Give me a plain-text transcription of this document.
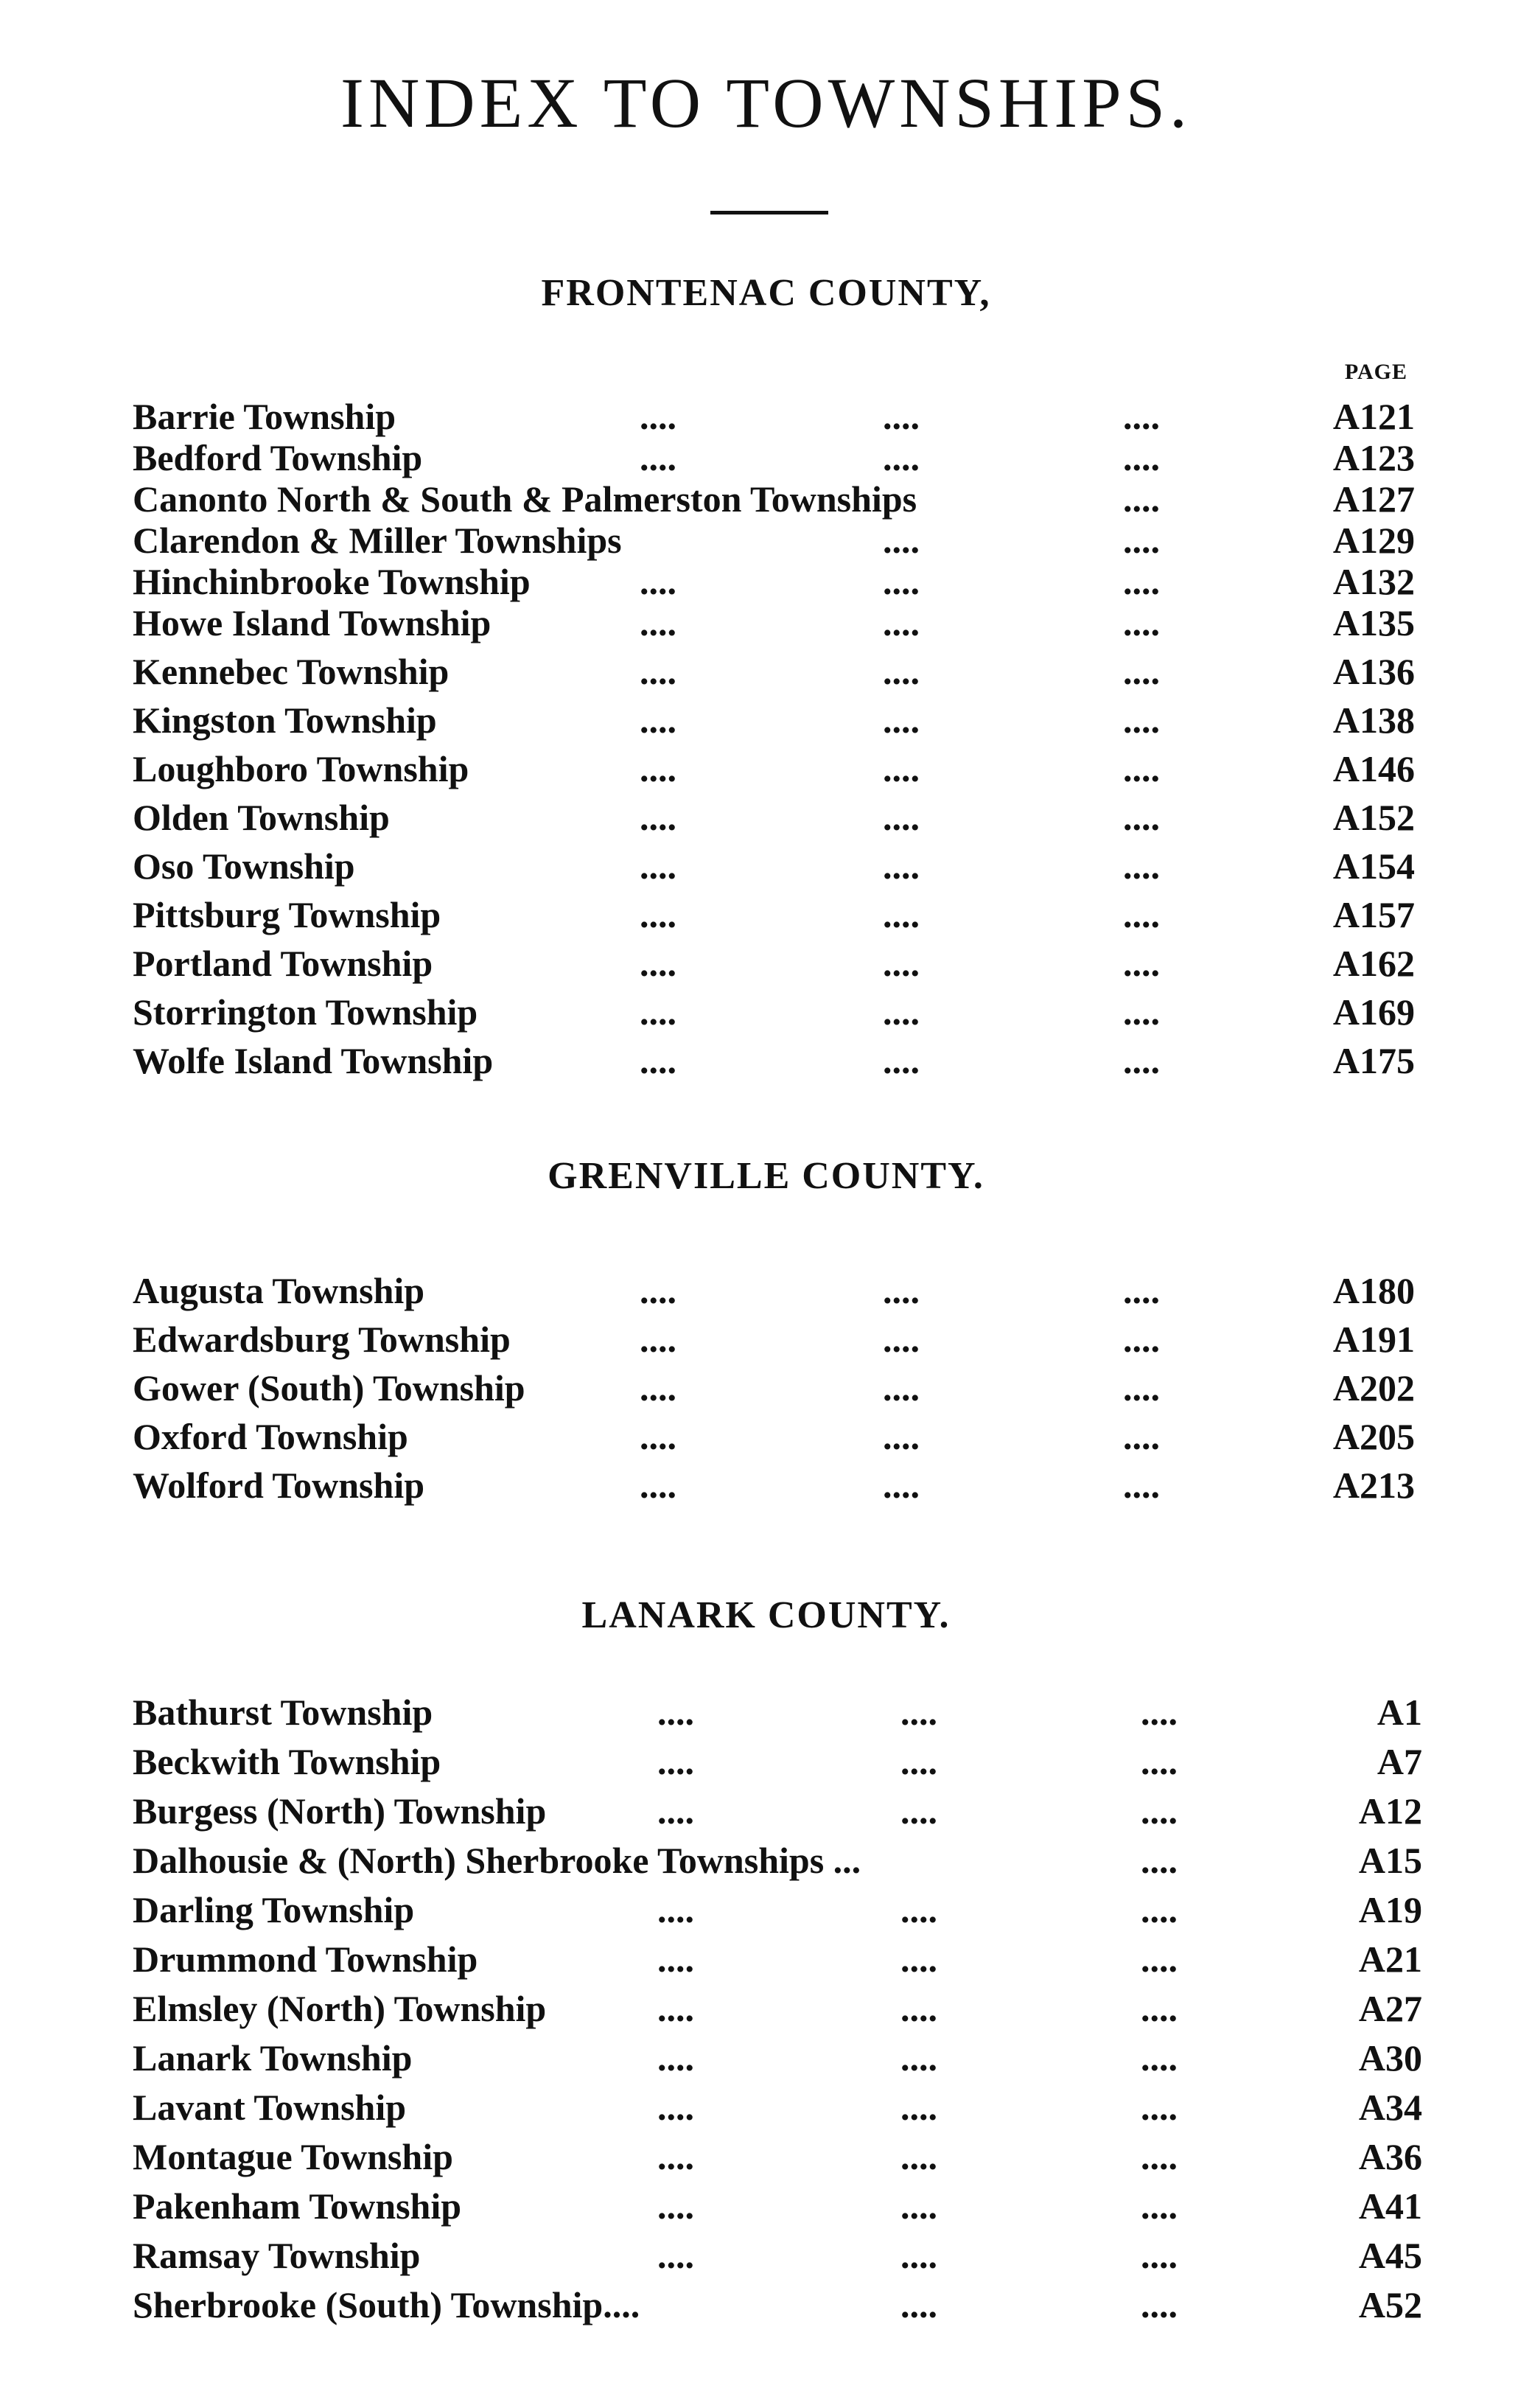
INDEX TO TOWNSHIPS.
FRONTENAC COUNTY,
PAGE
Barrie Township	....	....	....	A121
Bedford Township	....	....	....	A123
Canonto North & South & Palmerston Townships	....	A127
Clarendon & Miller Townships	....	....	A129
Hinchinbrooke Township	....	....	....	A132
Howe Island Township	....	....	....	A135
Kennebec Township	....	....	....	A136
Kingston Township	....	....	....	A138
Loughboro Township	....	....	....	A146
Olden Township	....	....	....	A152
Oso Township	....	....	....	A154
Pittsburg Township	....	....	....	A157
Portland Township	....	....	....	A162
Storrington Township	....	....	....	A169
Wolfe Island Township	....	....	....	A175
GRENVILLE COUNTY.
Augusta Township	....	....	....	A180
Edwardsburg Township	....	....	....	A191
Gower (South) Township	....	....	....	A202
Oxford Township	....	....	....	A205
Wolford Township	....	....	....	A213
LANARK COUNTY.
Bathurst Township	....	....	....	A1
Beckwith Township	....	....	....	A7
Burgess (North) Township	....	....	....	A12
Dalhousie & (North) Sherbrooke Townships ...	....	A15
Darling Township	....	....	....	A19
Drummond Township	....	....	....	A21
Elmsley (North) Township	....	....	....	A27
Lanark Township	....	....	....	A30
Lavant Township	....	....	....	A34
Montague Township	....	....	....	A36
Pakenham Township	....	....	....	A41
Ramsay Township	....	....	....	A45
Sherbrooke (South) Township....	....	....	A52
